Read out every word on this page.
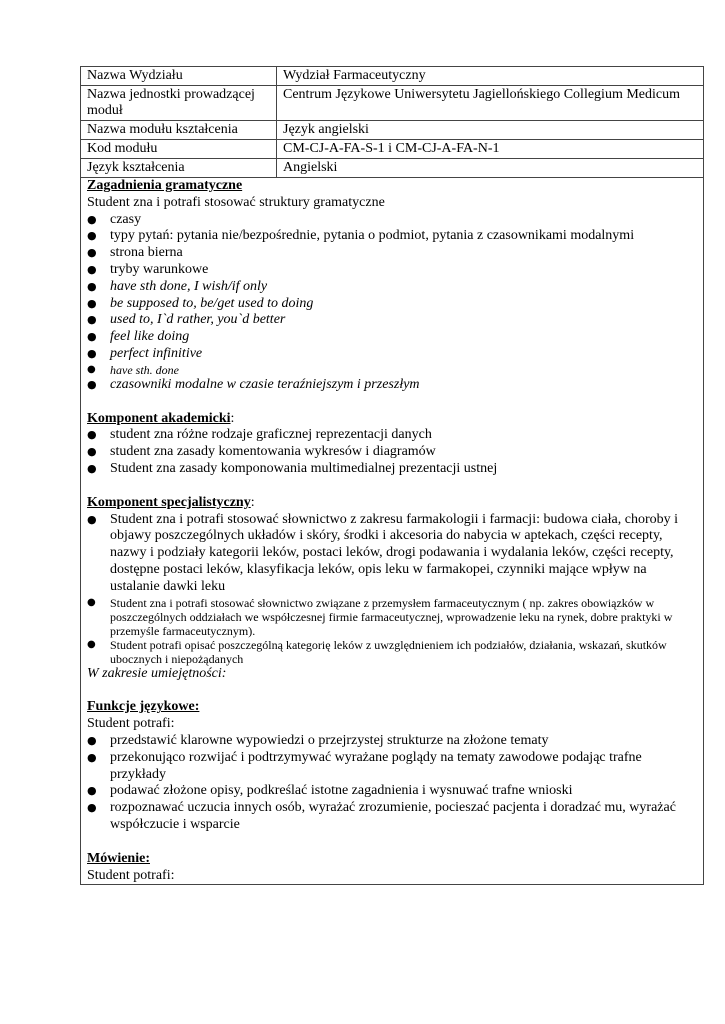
Nazwa Wydziału	Wydział Farmaceutyczny
Nazwa jednostki prowadzącej moduł	Centrum Językowe Uniwersytetu Jagiellońskiego Collegium Medicum
Nazwa modułu kształcenia	Język angielski
Kod modułu	CM-CJ-A-FA-S-1 i CM-CJ-A-FA-N-1
Język kształcenia	Angielski
Zagadnienia gramatyczne
Student zna i potrafi stosować struktury gramatyczne
● czasy
● typy pytań: pytania nie/bezpośrednie, pytania o podmiot, pytania z czasownikami modalnymi
● strona bierna
● tryby warunkowe
● have sth done, I wish/if only
● be supposed to, be/get used to doing
● used to, I`d rather, you`d better
● feel like doing
● perfect infinitive
● have sth. done
● czasowniki modalne w czasie teraźniejszym i przeszłym
Komponent akademicki:
● student zna różne rodzaje graficznej reprezentacji danych
● student zna zasady komentowania wykresów i diagramów
● Student zna zasady komponowania multimedialnej prezentacji ustnej
Komponent specjalistyczny:
● Student zna i potrafi stosować słownictwo z zakresu farmakologii i farmacji: budowa ciała, choroby i objawy poszczególnych układów i skóry, środki i akcesoria do nabycia w aptekach, części recepty, nazwy i podziały kategorii leków, postaci leków, drogi podawania i wydalania leków, części recepty, dostępne postaci leków, klasyfikacja leków, opis leku w farmakopei, czynniki mające wpływ na ustalanie dawki leku
● Student zna i potrafi stosować słownictwo związane z przemysłem farmaceutycznym ( np. zakres obowiązków w poszczególnych oddziałach we współczesnej firmie farmaceutycznej, wprowadzenie leku na rynek, dobre praktyki w przemyśle farmaceutycznym).
● Student potrafi opisać poszczególną kategorię leków z uwzględnieniem ich podziałów, działania, wskazań, skutków ubocznych i niepożądanych
W zakresie umiejętności:
Funkcje językowe:
Student potrafi:
● przedstawić klarowne wypowiedzi o przejrzystej strukturze na złożone tematy
● przekonująco rozwijać i podtrzymywać wyrażane poglądy na tematy zawodowe podając trafne przykłady
● podawać złożone opisy, podkreślać istotne zagadnienia i wysnuwać trafne wnioski
● rozpoznawać uczucia innych osób, wyrażać zrozumienie, pocieszać pacjenta i doradzać mu, wyrażać współczucie i wsparcie
Mówienie:
Student potrafi:
